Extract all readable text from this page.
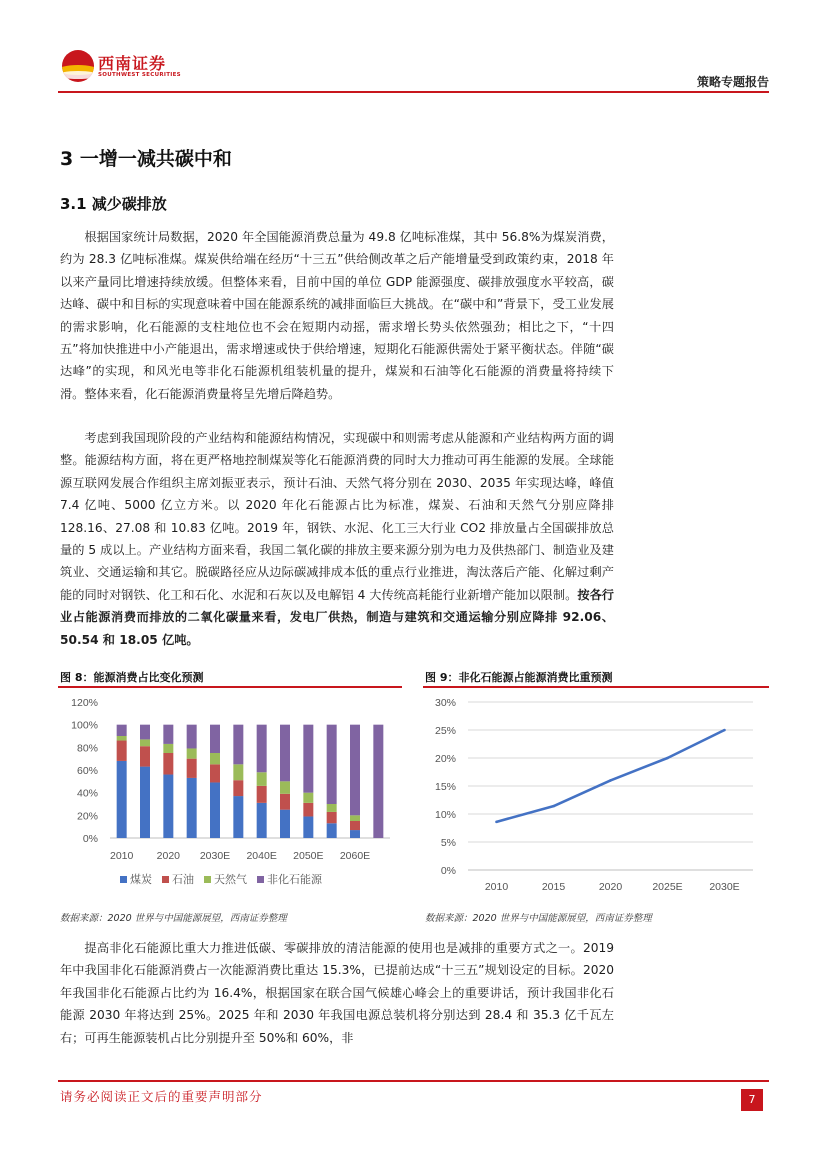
西南证券
SOUTHWEST SECURITIES	策略专题报告
3 一增一减共碳中和
3.1 减少碳排放

根据国家统计局数据，2020 年全国能源消费总量为 49.8 亿吨标准煤，其中 56.8%为煤炭消费，约为 28.3 亿吨标准煤。煤炭供给端在经历“十三五”供给侧改革之后产能增量受到政策约束，2018 年以来产量同比增速持续放缓。但整体来看，目前中国的单位 GDP 能源强度、碳排放强度水平较高，碳达峰、碳中和目标的实现意味着中国在能源系统的减排面临巨大挑战。在“碳中和”背景下，受工业发展的需求影响，化石能源的支柱地位也不会在短期内动摇，需求增长势头依然强劲；相比之下，“十四五”将加快推进中小产能退出，需求增速或快于供给增速，短期化石能源供需处于紧平衡状态。伴随“碳达峰”的实现，和风光电等非化石能源机组装机量的提升，煤炭和石油等化石能源的消费量将持续下滑。整体来看，化石能源消费量将呈先增后降趋势。

考虑到我国现阶段的产业结构和能源结构情况，实现碳中和则需考虑从能源和产业结构两方面的调整。能源结构方面，将在更严格地控制煤炭等化石能源消费的同时大力推动可再生能源的发展。全球能源互联网发展合作组织主席刘振亚表示，预计石油、天然气将分别在 2030、2035 年实现达峰，峰值 7.4 亿吨、5000 亿立方米。以 2020 年化石能源占比为标准，煤炭、石油和天然气分别应降排 128.16、27.08 和 10.83 亿吨。2019 年，钢铁、水泥、化工三大行业 CO2 排放量占全国碳排放总量的 5 成以上。产业结构方面来看，我国二氧化碳的排放主要来源分别为电力及供热部门、制造业及建筑业、交通运输和其它。脱碳路径应从边际碳减排成本低的重点行业推进，淘汰落后产能、化解过剩产能的同时对钢铁、化工和石化、水泥和石灰以及电解铝 4 大传统高耗能行业新增产能加以限制。按各行业占能源消费而排放的二氧化碳量来看，发电厂供热，制造与建筑和交通运输分别应降排 92.06、50.54 和 18.05 亿吨。

图 8：能源消费占比变化预测
0%
20%
40%
60%
80%
100%
120%
2010 2020 2030E 2040E 2050E 2060E
煤炭 石油 天然气 非化石能源
数据来源：2020 世界与中国能源展望，西南证券整理
图 9：非化石能源占能源消费比重预测
0%
5%
10%
15%
20%
25%
30%
2010	2015	2020	2025E	2030E
数据来源：2020 世界与中国能源展望，西南证券整理

提高非化石能源比重大力推进低碳、零碳排放的清洁能源的使用也是减排的重要方式之一。2019 年中我国非化石能源消费占一次能源消费比重达 15.3%，已提前达成“十三五”规划设定的目标。2020 年我国非化石能源占比约为 16.4%，根据国家在联合国气候雄心峰会上的重要讲话，预计我国非化石能源 2030 年将达到 25%。2025 年和 2030 年我国电源总装机将分别达到 28.4 和 35.3 亿千瓦左右；可再生能源装机占比分别提升至 50%和 60%，非

请务必阅读正文后的重要声明部分	7
